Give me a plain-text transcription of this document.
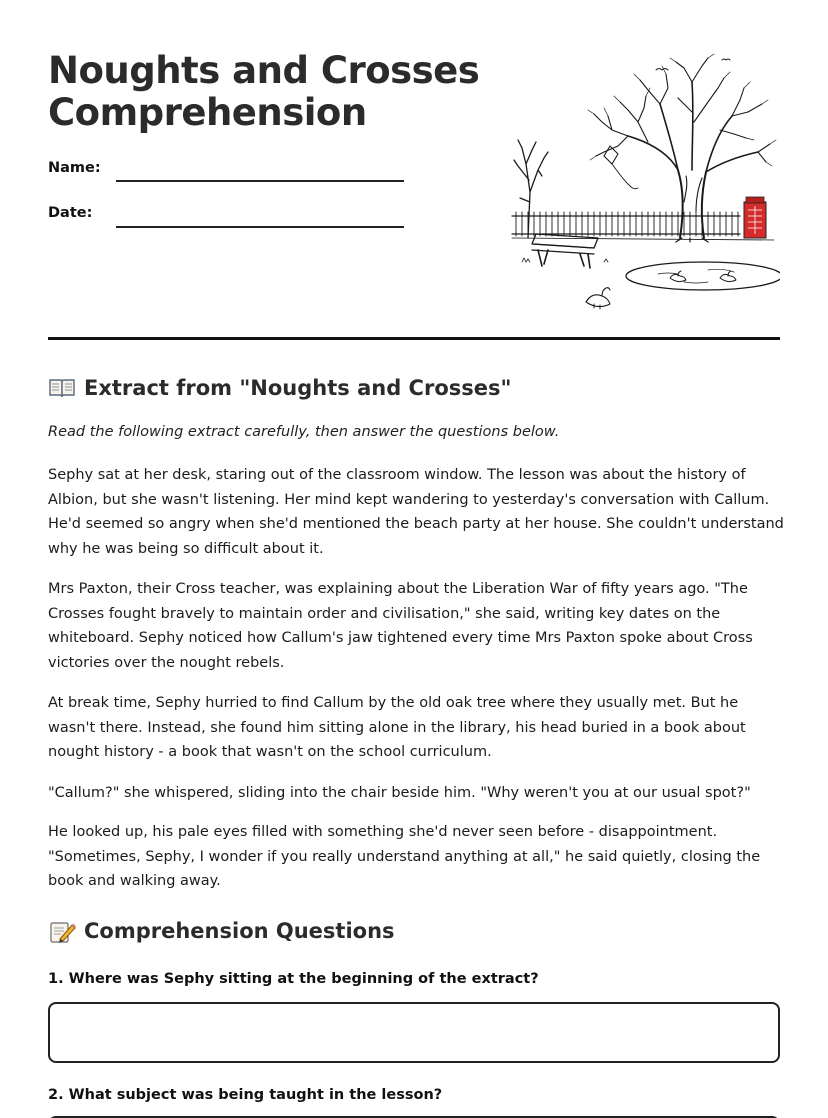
Noughts and Crosses Comprehension
Name:
Date:
Extract from "Noughts and Crosses"
Read the following extract carefully, then answer the questions below.
Sephy sat at her desk, staring out of the classroom window. The lesson was about the history of Albion, but she wasn't listening. Her mind kept wandering to yesterday's conversation with Callum. He'd seemed so angry when she'd mentioned the beach party at her house. She couldn't understand why he was being so difficult about it.
Mrs Paxton, their Cross teacher, was explaining about the Liberation War of fifty years ago. "The Crosses fought bravely to maintain order and civilisation," she said, writing key dates on the whiteboard. Sephy noticed how Callum's jaw tightened every time Mrs Paxton spoke about Cross victories over the nought rebels.
At break time, Sephy hurried to find Callum by the old oak tree where they usually met. But he wasn't there. Instead, she found him sitting alone in the library, his head buried in a book about nought history - a book that wasn't on the school curriculum.
"Callum?" she whispered, sliding into the chair beside him. "Why weren't you at our usual spot?"
He looked up, his pale eyes filled with something she'd never seen before - disappointment. "Sometimes, Sephy, I wonder if you really understand anything at all," he said quietly, closing the book and walking away.
Comprehension Questions
1. Where was Sephy sitting at the beginning of the extract?
2. What subject was being taught in the lesson?
